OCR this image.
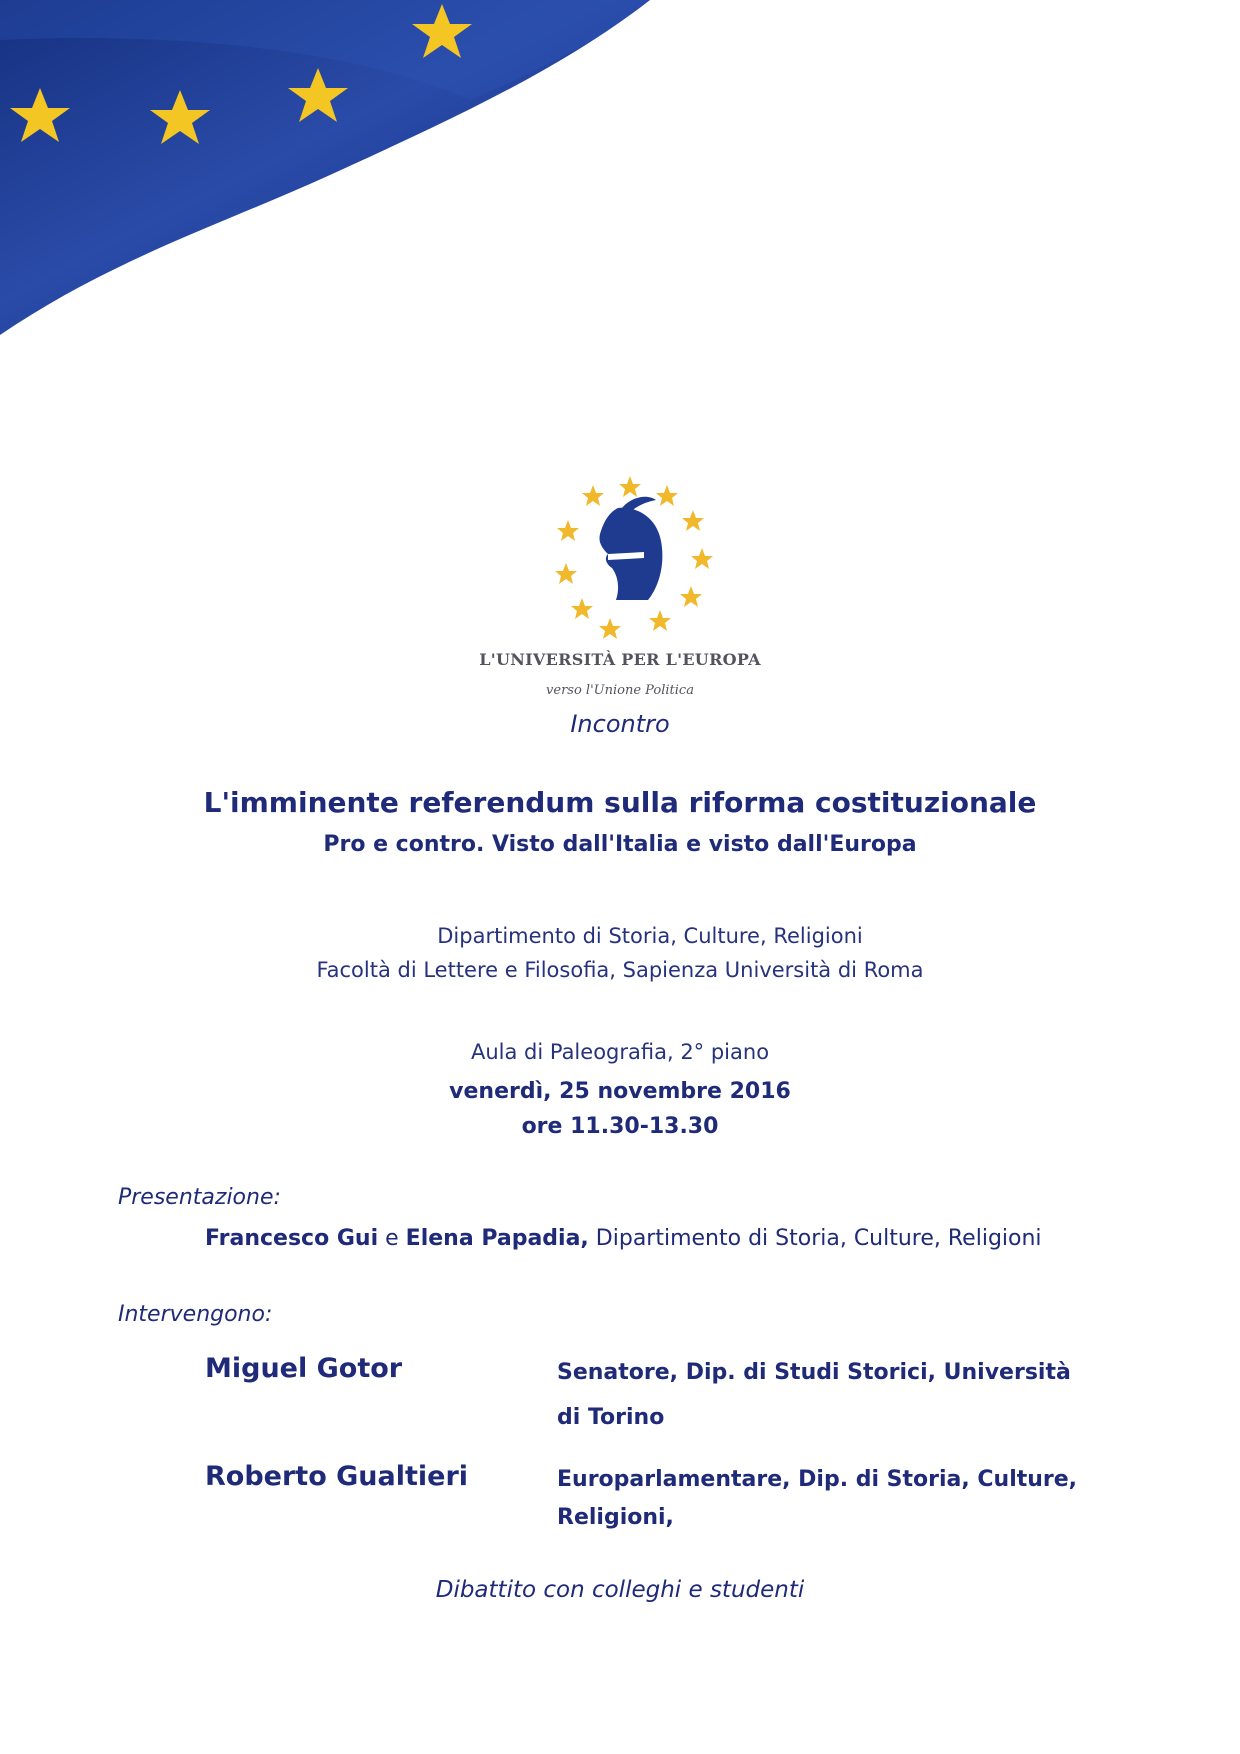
L'UNIVERSITÀ PER L'EUROPA
verso l'Unione Politica
Incontro
L'imminente referendum sulla riforma costituzionale
Pro e contro. Visto dall'Italia e visto dall'Europa
Dipartimento di Storia, Culture, Religioni
Facoltà di Lettere e Filosofia, Sapienza Università di Roma
Aula di Paleografia, 2° piano
venerdì, 25 novembre 2016
ore 11.30-13.30
Presentazione:
Francesco Gui e Elena Papadia, Dipartimento di Storia, Culture, Religioni
Intervengono:
Miguel Gotor	Senatore, Dip. di Studi Storici, Università di Torino
Roberto Gualtieri	Europarlamentare, Dip. di Storia, Culture, Religioni,
Dibattito con colleghi e studenti
